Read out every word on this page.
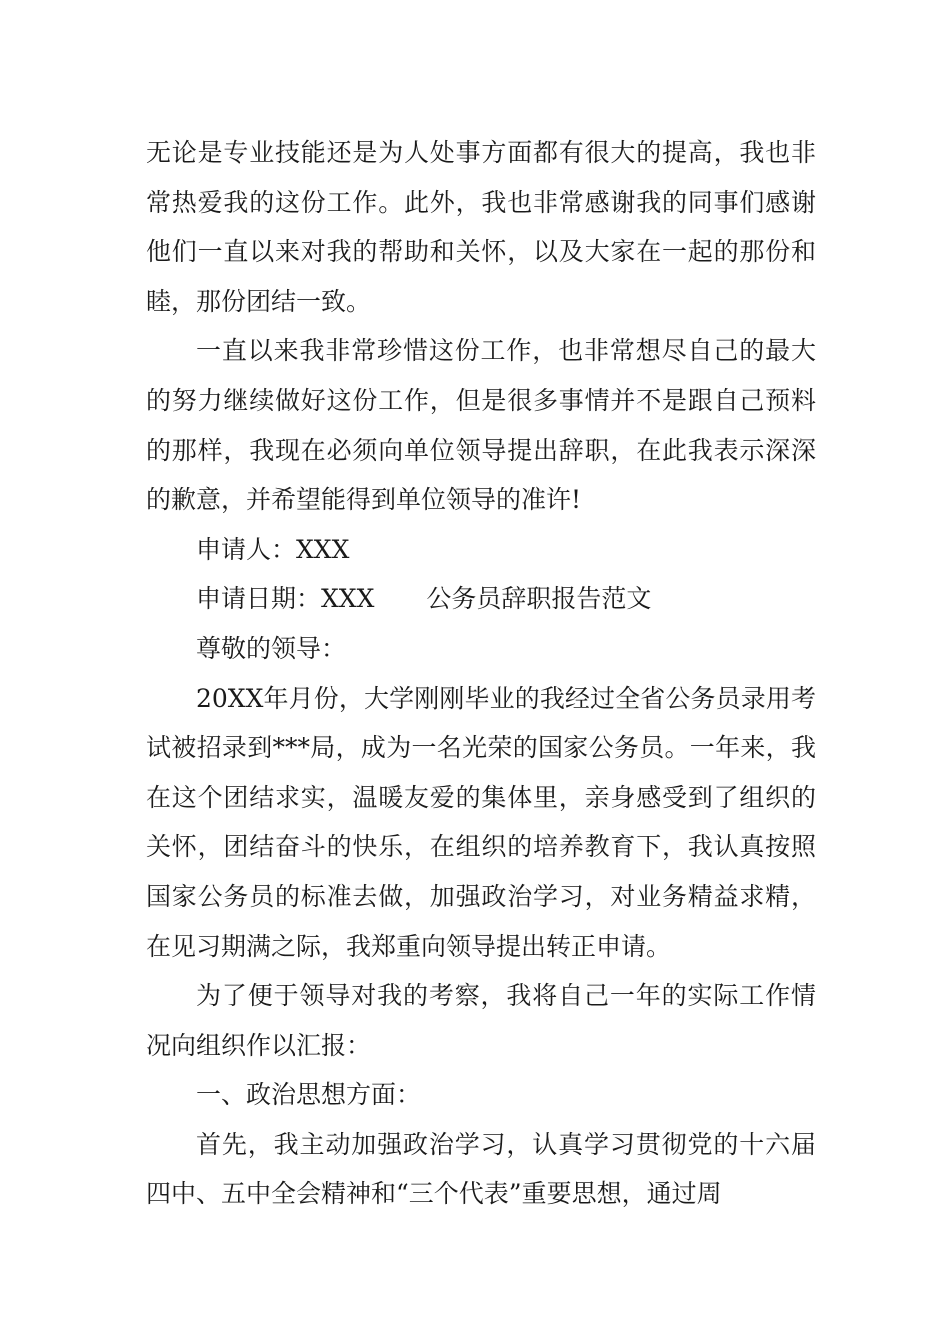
无论是专业技能还是为人处事方面都有很大的提高，我也非常热爱我的这份工作。此外，我也非常感谢我的同事们感谢他们一直以来对我的帮助和关怀，以及大家在一起的那份和睦，那份团结一致。

一直以来我非常珍惜这份工作，也非常想尽自己的最大的努力继续做好这份工作，但是很多事情并不是跟自己预料的那样，我现在必须向单位领导提出辞职，在此我表示深深的歉意，并希望能得到单位领导的准许!

申请人：XXX

申请日期：XXX 公务员辞职报告范文

尊敬的领导：

20XX年月份，大学刚刚毕业的我经过全省公务员录用考试被招录到***局，成为一名光荣的国家公务员。一年来，我在这个团结求实，温暖友爱的集体里，亲身感受到了组织的关怀，团结奋斗的快乐，在组织的培养教育下，我认真按照国家公务员的标准去做，加强政治学习，对业务精益求精，在见习期满之际，我郑重向领导提出转正申请。

为了便于领导对我的考察，我将自己一年的实际工作情况向组织作以汇报：

一、政治思想方面：

首先，我主动加强政治学习，认真学习贯彻党的十六届四中、五中全会精神和“三个代表”重要思想，通过周
